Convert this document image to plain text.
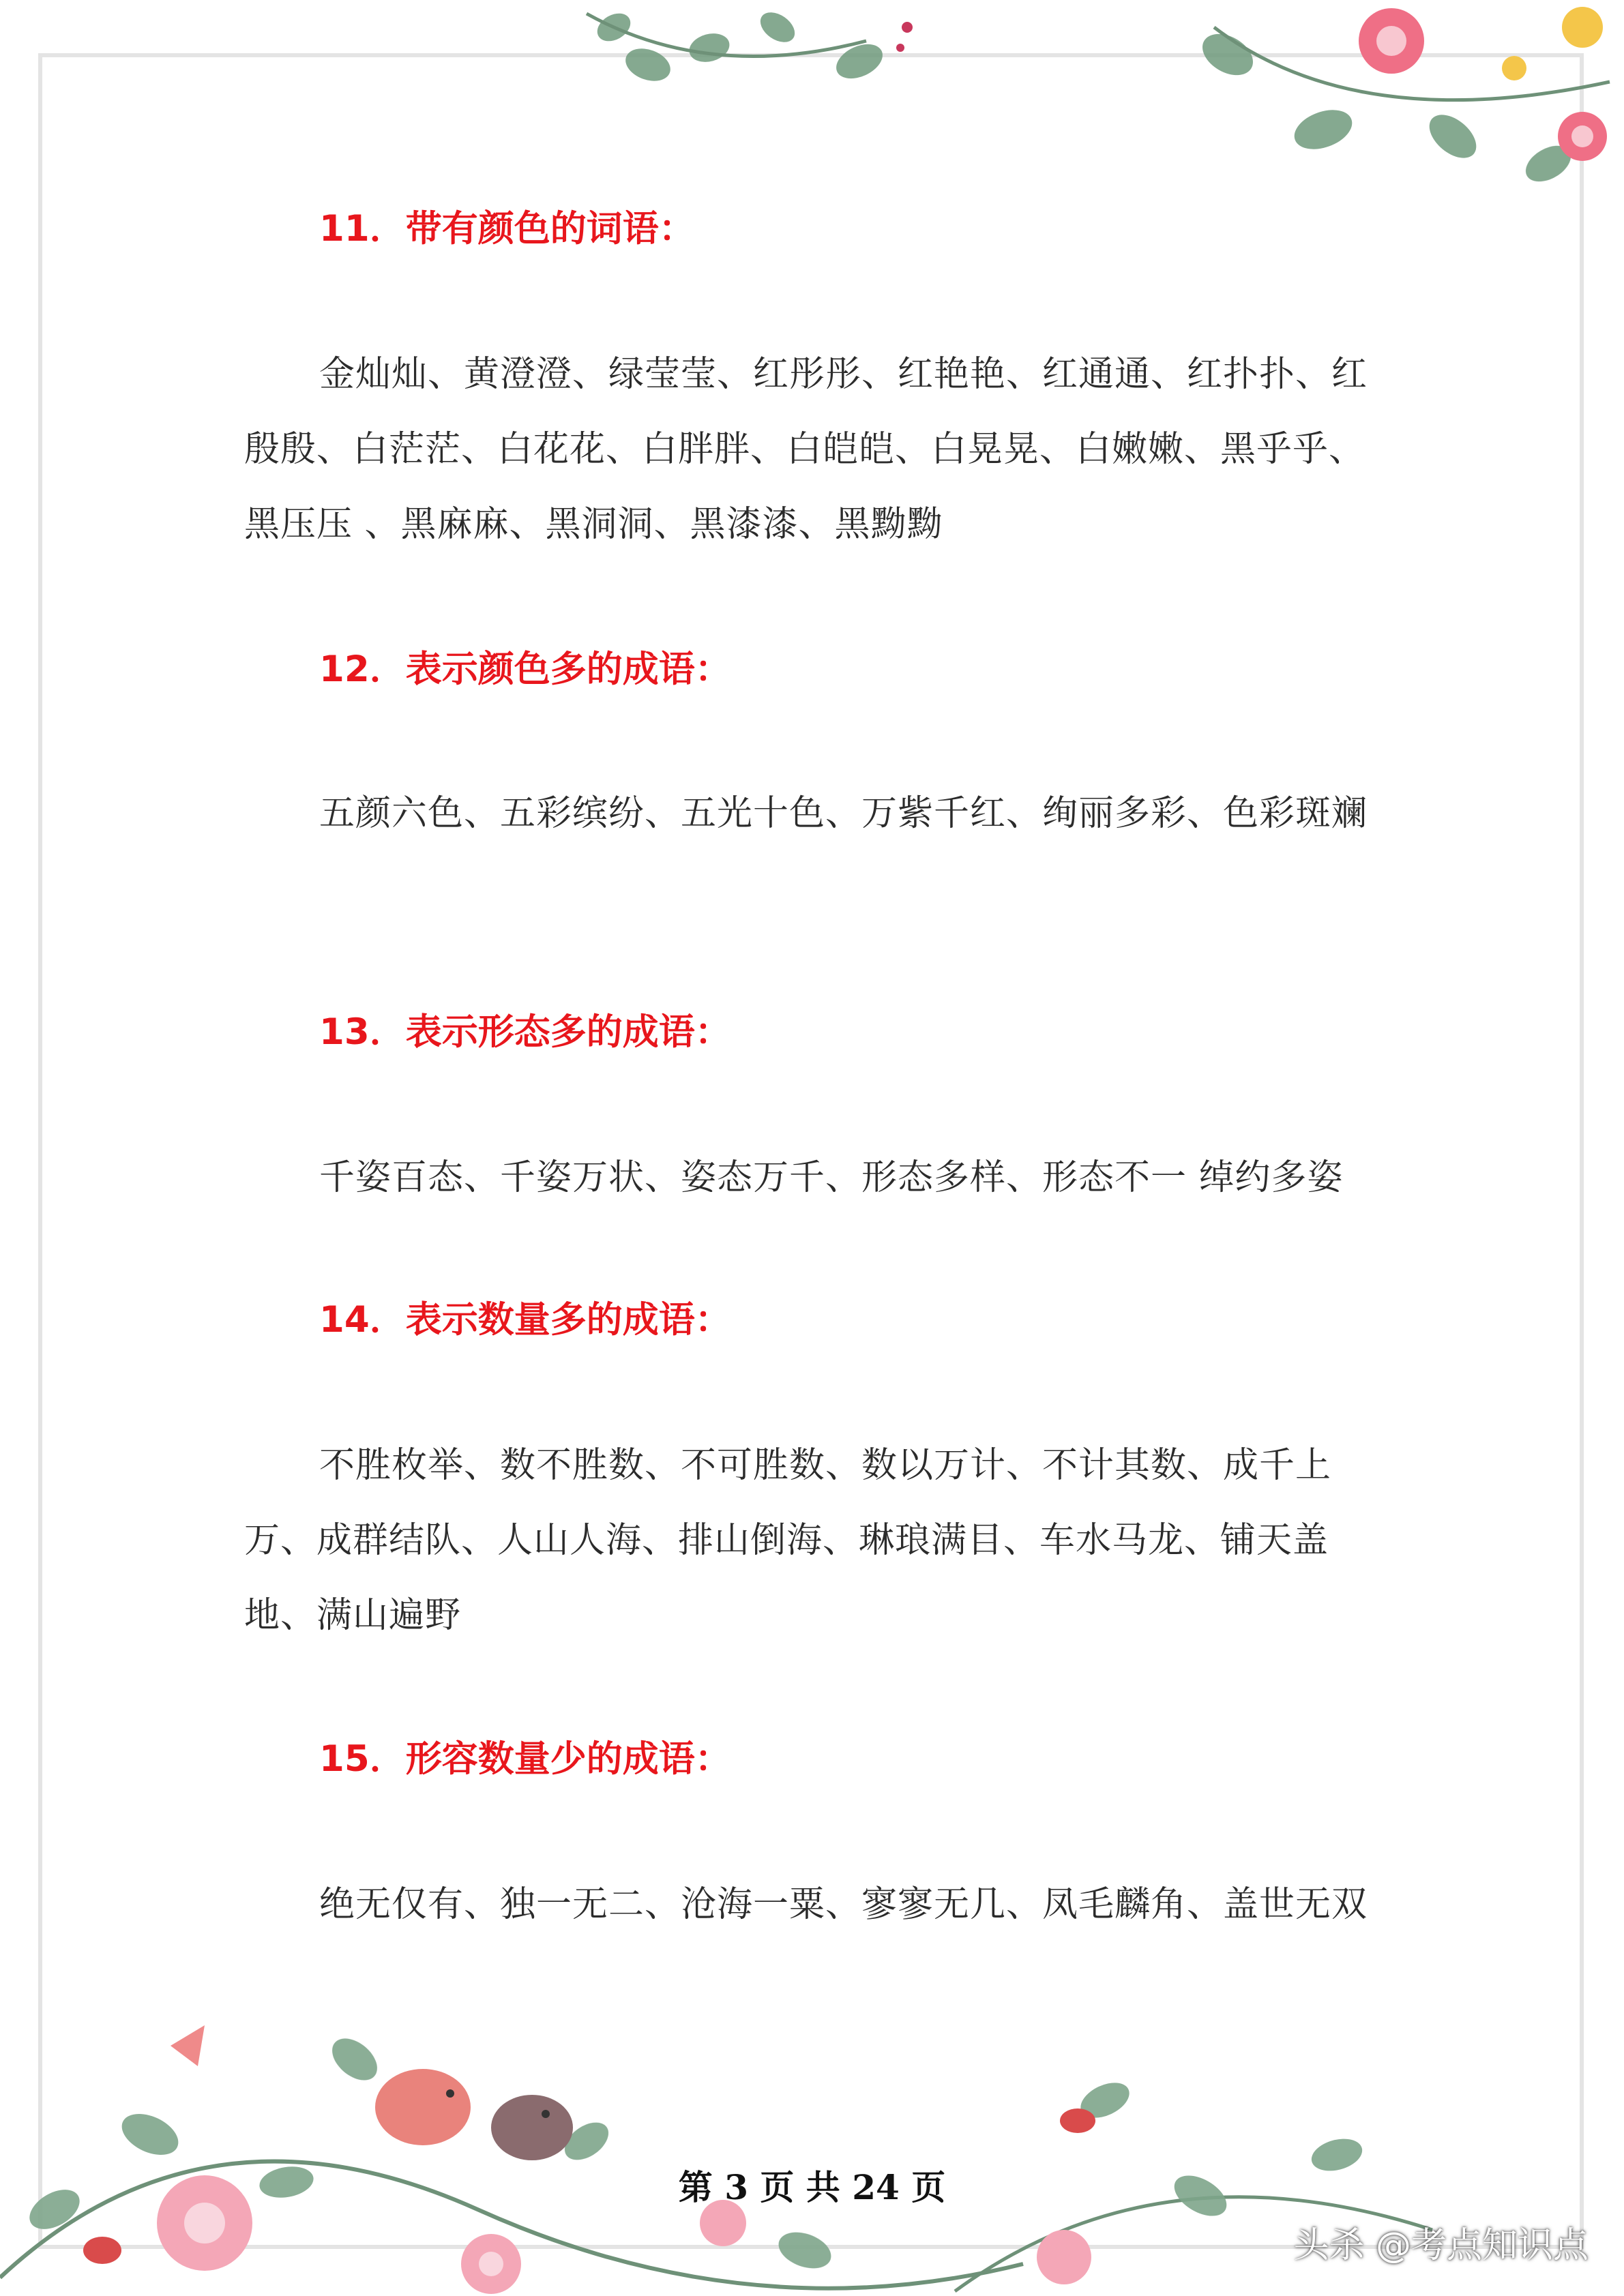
11．带有颜色的词语：
金灿灿、黄澄澄、绿莹莹、红彤彤、红艳艳、红通通、红扑扑、红殷殷、白茫茫、白花花、白胖胖、白皑皑、白晃晃、白嫩嫩、黑乎乎、黑压压 、黑麻麻、黑洞洞、黑漆漆、黑黝黝
12．表示颜色多的成语：
五颜六色、五彩缤纷、五光十色、万紫千红、绚丽多彩、色彩斑斓
13．表示形态多的成语：
千姿百态、千姿万状、姿态万千、形态多样、形态不一 绰约多姿
14．表示数量多的成语：
不胜枚举、数不胜数、不可胜数、数以万计、不计其数、成千上万、成群结队、人山人海、排山倒海、琳琅满目、车水马龙、铺天盖地、满山遍野
15．形容数量少的成语：
绝无仅有、独一无二、沧海一粟、寥寥无几、凤毛麟角、盖世无双
第 3 页 共 24 页
头杀 @考点知识点
